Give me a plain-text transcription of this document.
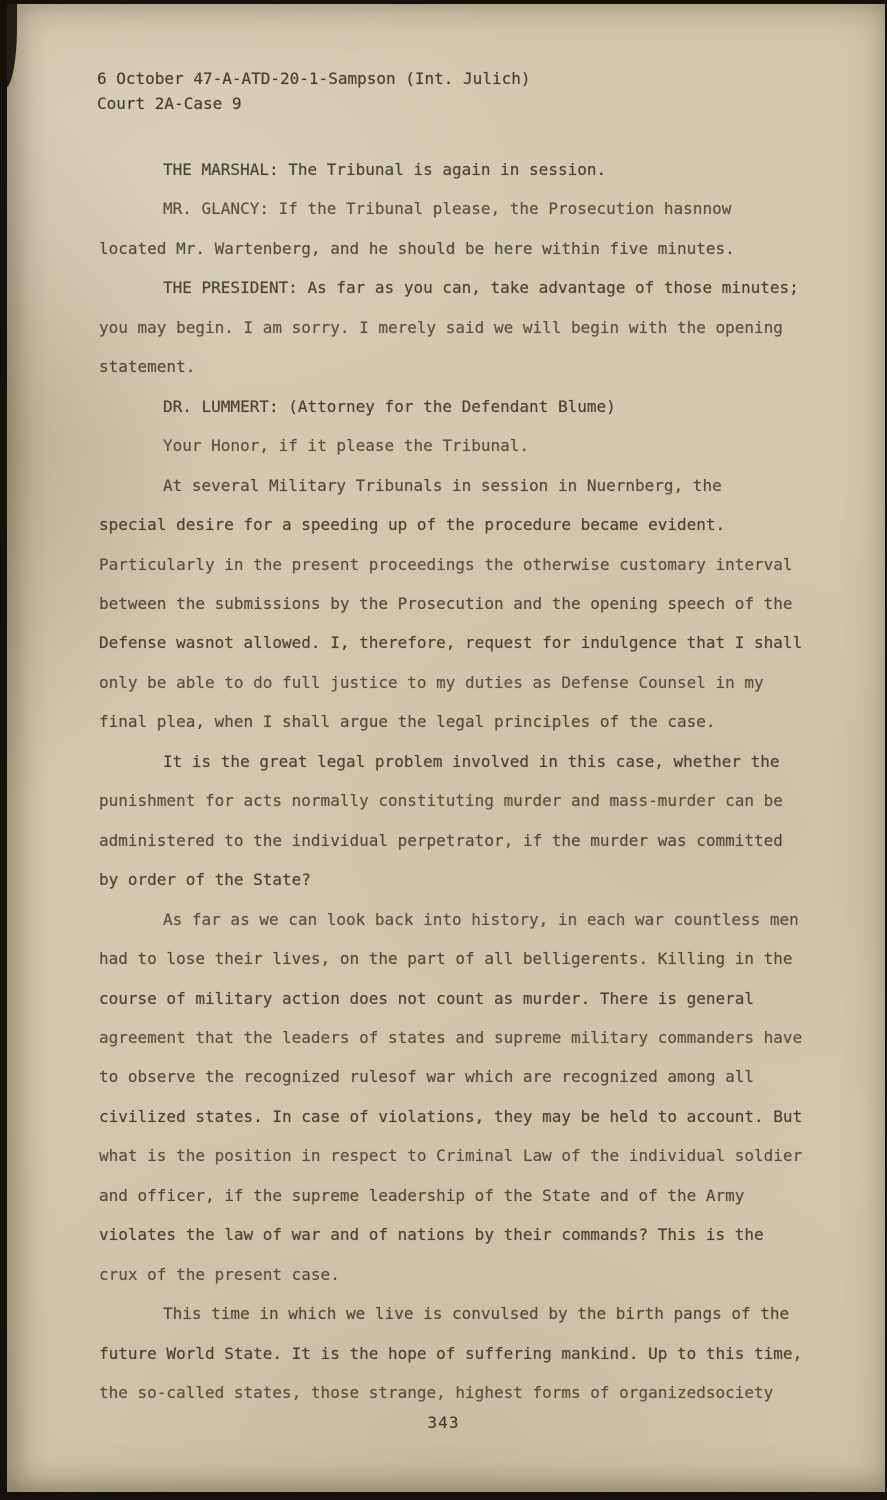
6 October 47-A-ATD-20-1-Sampson (Int. Julich)
Court 2A-Case 9
THE MARSHAL: The Tribunal is again in session.
MR. GLANCY: If the Tribunal please, the Prosecution hasnnow
located Mr. Wartenberg, and he should be here within five minutes.
THE PRESIDENT: As far as you can, take advantage of those minutes;
you may begin. I am sorry. I merely said we will begin with the opening
statement.
DR. LUMMERT: (Attorney for the Defendant Blume)
Your Honor, if it please the Tribunal.
At several Military Tribunals in session in Nuernberg, the
special desire for a speeding up of the procedure became evident.
Particularly in the present proceedings the otherwise customary interval
between the submissions by the Prosecution and the opening speech of the
Defense wasnot allowed. I, therefore, request for indulgence that I shall
only be able to do full justice to my duties as Defense Counsel in my
final plea, when I shall argue the legal principles of the case.
It is the great legal problem involved in this case, whether the
punishment for acts normally constituting murder and mass-murder can be
administered to the individual perpetrator, if the murder was committed
by order of the State?
As far as we can look back into history, in each war countless men
had to lose their lives, on the part of all belligerents. Killing in the
course of military action does not count as murder. There is general
agreement that the leaders of states and supreme military commanders have
to observe the recognized rulesof war which are recognized among all
civilized states. In case of violations, they may be held to account. But
what is the position in respect to Criminal Law of the individual soldier
and officer, if the supreme leadership of the State and of the Army
violates the law of war and of nations by their commands? This is the
crux of the present case.
This time in which we live is convulsed by the birth pangs of the
future World State. It is the hope of suffering mankind. Up to this time,
the so-called states, those strange, highest forms of organizedsociety
343
